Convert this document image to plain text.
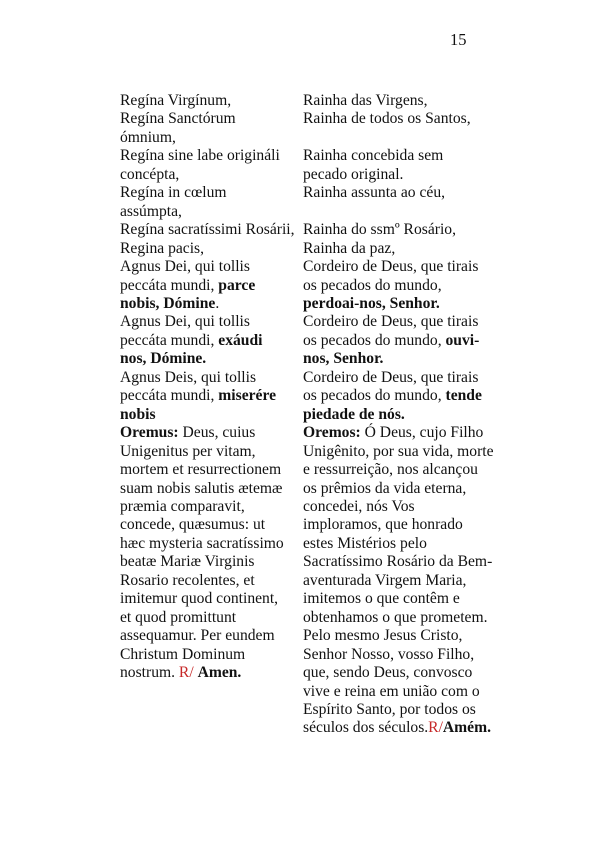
15
Regína Virgínum,
Regína Sanctórum
ómnium,
Regína sine labe origináli
concépta,
Regína in cœlum
assúmpta,
Regína sacratíssimi Rosárii,
Regina pacis,
Agnus Dei, qui tollis
peccáta mundi, parce
nobis, Dómine.
Agnus Dei, qui tollis
peccáta mundi, exáudi
nos, Dómine.
Agnus Deis, qui tollis
peccáta mundi, miserére
nobis
Oremus: Deus, cuius
Unigenitus per vitam,
mortem et resurrectionem
suam nobis salutis ætemæ
præmia comparavit,
concede, quæsumus: ut
hæc mysteria sacratíssimo
beatæ Mariæ Virginis
Rosario recolentes, et
imitemur quod continent,
et quod promittunt
assequamur. Per eundem
Christum Dominum
nostrum. R/ Amen.
Rainha das Virgens,
Rainha de todos os Santos,

Rainha concebida sem
pecado original.
Rainha assunta ao céu,

Rainha do ssmº Rosário,
Rainha da paz,
Cordeiro de Deus, que tirais
os pecados do mundo,
perdoai-nos, Senhor.
Cordeiro de Deus, que tirais
os pecados do mundo, ouvi-
nos, Senhor.
Cordeiro de Deus, que tirais
os pecados do mundo, tende
piedade de nós.
Oremos: Ó Deus, cujo Filho
Unigênito, por sua vida, morte
e ressurreição, nos alcançou
os prêmios da vida eterna,
concedei, nós Vos
imploramos, que honrado
estes Mistérios pelo
Sacratíssimo Rosário da Bem-
aventurada Virgem Maria,
imitemos o que contêm e
obtenhamos o que prometem.
Pelo mesmo Jesus Cristo,
Senhor Nosso, vosso Filho,
que, sendo Deus, convosco
vive e reina em união com o
Espírito Santo, por todos os
séculos dos séculos.R/Amém.
